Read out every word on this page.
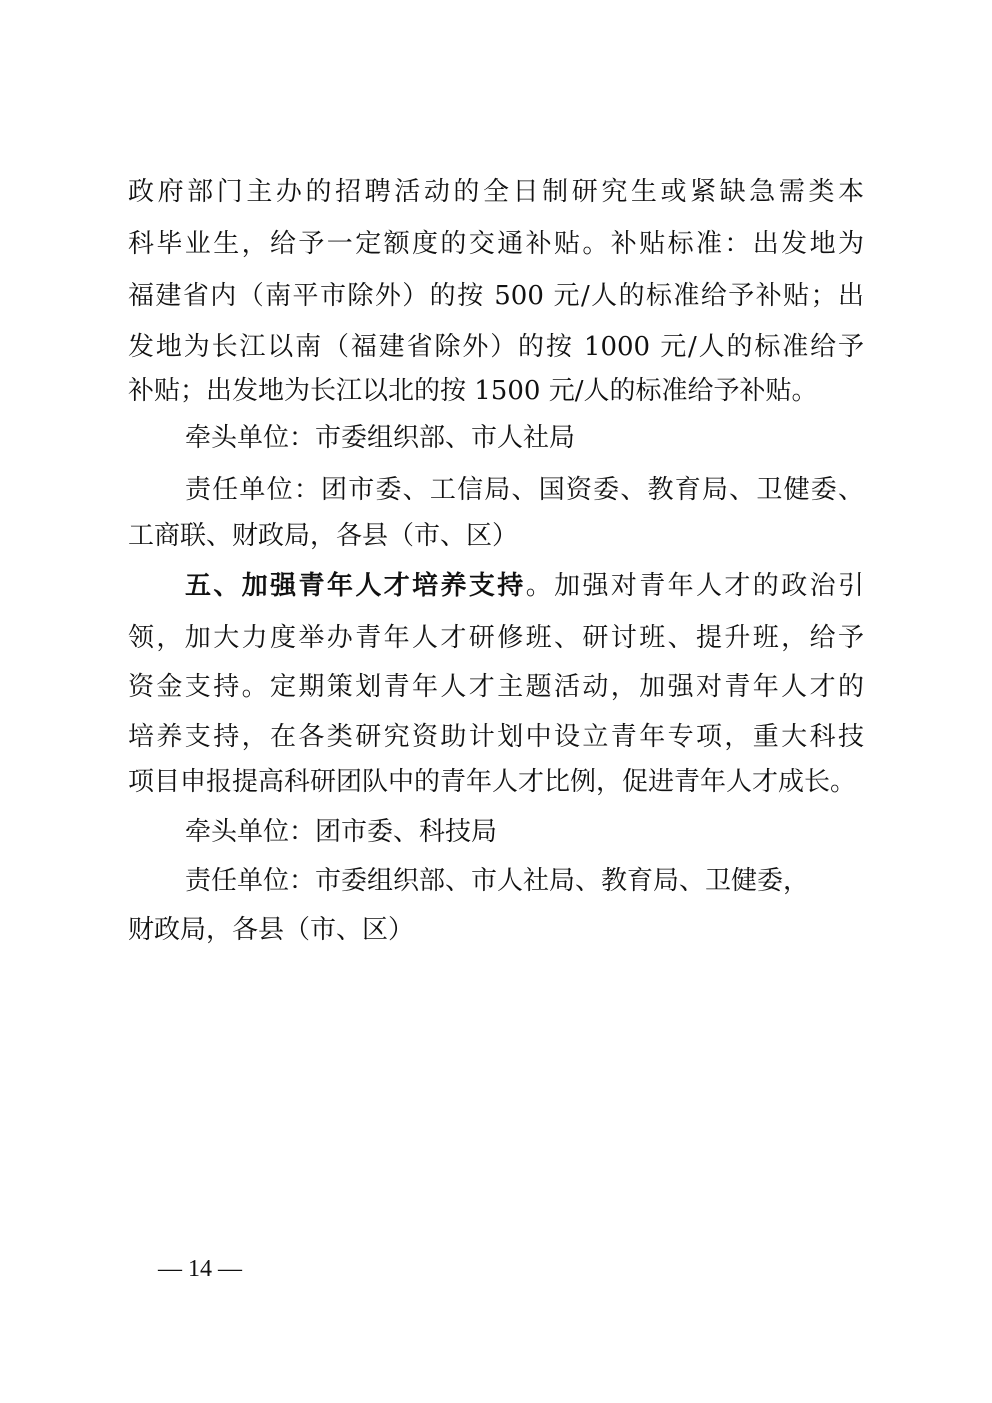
政府部门主办的招聘活动的全日制研究生或紧缺急需类本
科毕业生，给予一定额度的交通补贴。补贴标准：出发地为
福建省内（南平市除外）的按 500 元/人的标准给予补贴；出
发地为长江以南（福建省除外）的按 1000 元/人的标准给予
补贴；出发地为长江以北的按 1500 元/人的标准给予补贴。
牵头单位：市委组织部、市人社局
责任单位：团市委、工信局、国资委、教育局、卫健委、
工商联、财政局，各县（市、区）
五、加强青年人才培养支持。加强对青年人才的政治引
领，加大力度举办青年人才研修班、研讨班、提升班，给予
资金支持。定期策划青年人才主题活动，加强对青年人才的
培养支持，在各类研究资助计划中设立青年专项，重大科技
项目申报提高科研团队中的青年人才比例，促进青年人才成长。
牵头单位：团市委、科技局
责任单位：市委组织部、市人社局、教育局、卫健委，
财政局，各县（市、区）
— 14 —
